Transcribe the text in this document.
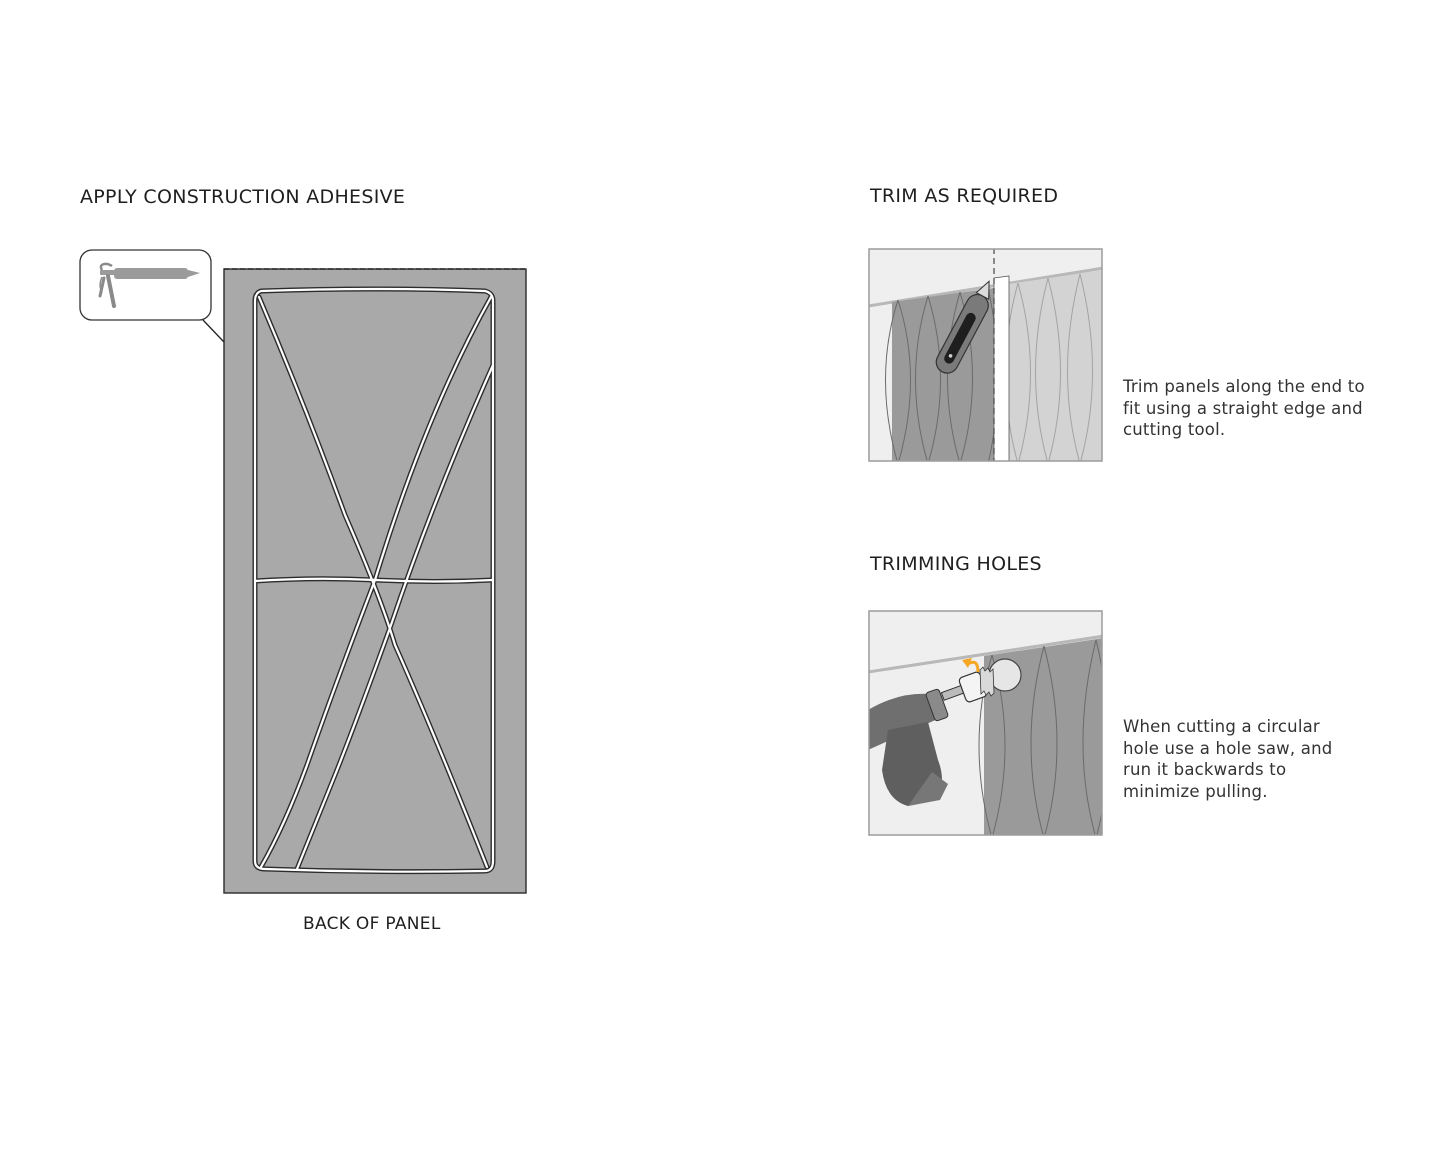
APPLY CONSTRUCTION ADHESIVE
BACK OF PANEL
TRIM AS REQUIRED

Trim panels along the end to
fit using a straight edge and
cutting tool.

TRIMMING HOLES

When cutting a circular
hole use a hole saw, and
run it backwards to
minimize pulling.
